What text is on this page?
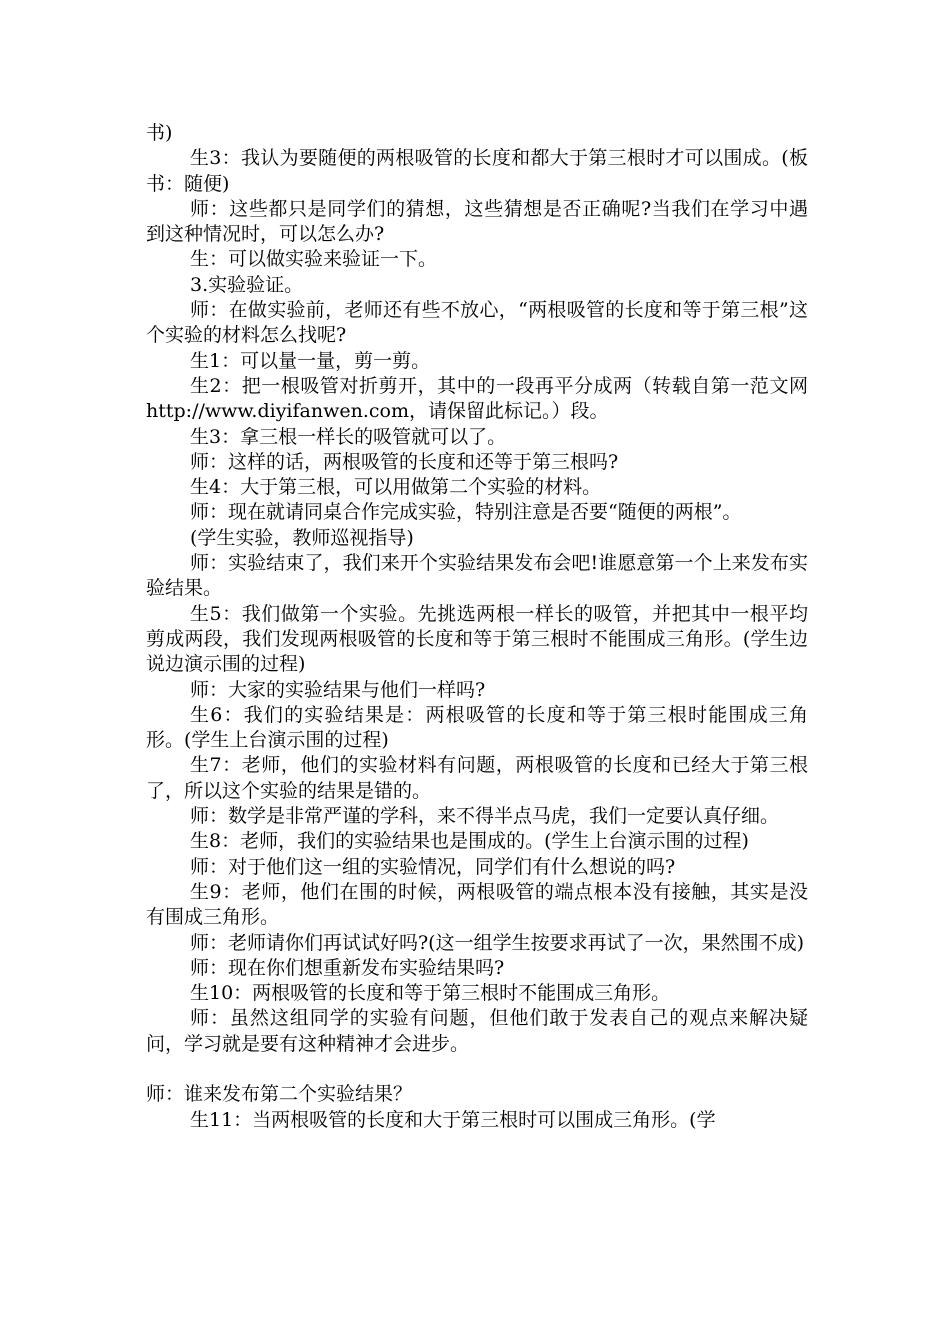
书)

生3：我认为要随便的两根吸管的长度和都大于第三根时才可以围成。(板书：随便)

师：这些都只是同学们的猜想，这些猜想是否正确呢?当我们在学习中遇到这种情况时，可以怎么办?

生：可以做实验来验证一下。

3.实验验证。

师：在做实验前，老师还有些不放心，“两根吸管的长度和等于第三根”这个实验的材料怎么找呢?

生1：可以量一量，剪一剪。

生2：把一根吸管对折剪开，其中的一段再平分成两（转载自第一范文网http://www.diyifanwen.com，请保留此标记。）段。

生3：拿三根一样长的吸管就可以了。

师：这样的话，两根吸管的长度和还等于第三根吗?

生4：大于第三根，可以用做第二个实验的材料。

师：现在就请同桌合作完成实验，特别注意是否要“随便的两根”。

(学生实验，教师巡视指导)

师：实验结束了，我们来开个实验结果发布会吧!谁愿意第一个上来发布实验结果。

生5：我们做第一个实验。先挑选两根一样长的吸管，并把其中一根平均剪成两段，我们发现两根吸管的长度和等于第三根时不能围成三角形。(学生边说边演示围的过程)

师：大家的实验结果与他们一样吗?

生6：我们的实验结果是：两根吸管的长度和等于第三根时能围成三角形。(学生上台演示围的过程)

生7：老师，他们的实验材料有问题，两根吸管的长度和已经大于第三根了，所以这个实验的结果是错的。

师：数学是非常严谨的学科，来不得半点马虎，我们一定要认真仔细。

生8：老师，我们的实验结果也是围成的。(学生上台演示围的过程)

师：对于他们这一组的实验情况，同学们有什么想说的吗?

生9：老师，他们在围的时候，两根吸管的端点根本没有接触，其实是没有围成三角形。

师：老师请你们再试试好吗?(这一组学生按要求再试了一次，果然围不成)

师：现在你们想重新发布实验结果吗?

生10：两根吸管的长度和等于第三根时不能围成三角形。

师：虽然这组同学的实验有问题，但他们敢于发表自己的观点来解决疑问，学习就是要有这种精神才会进步。

师：谁来发布第二个实验结果？

生11：当两根吸管的长度和大于第三根时可以围成三角形。(学
